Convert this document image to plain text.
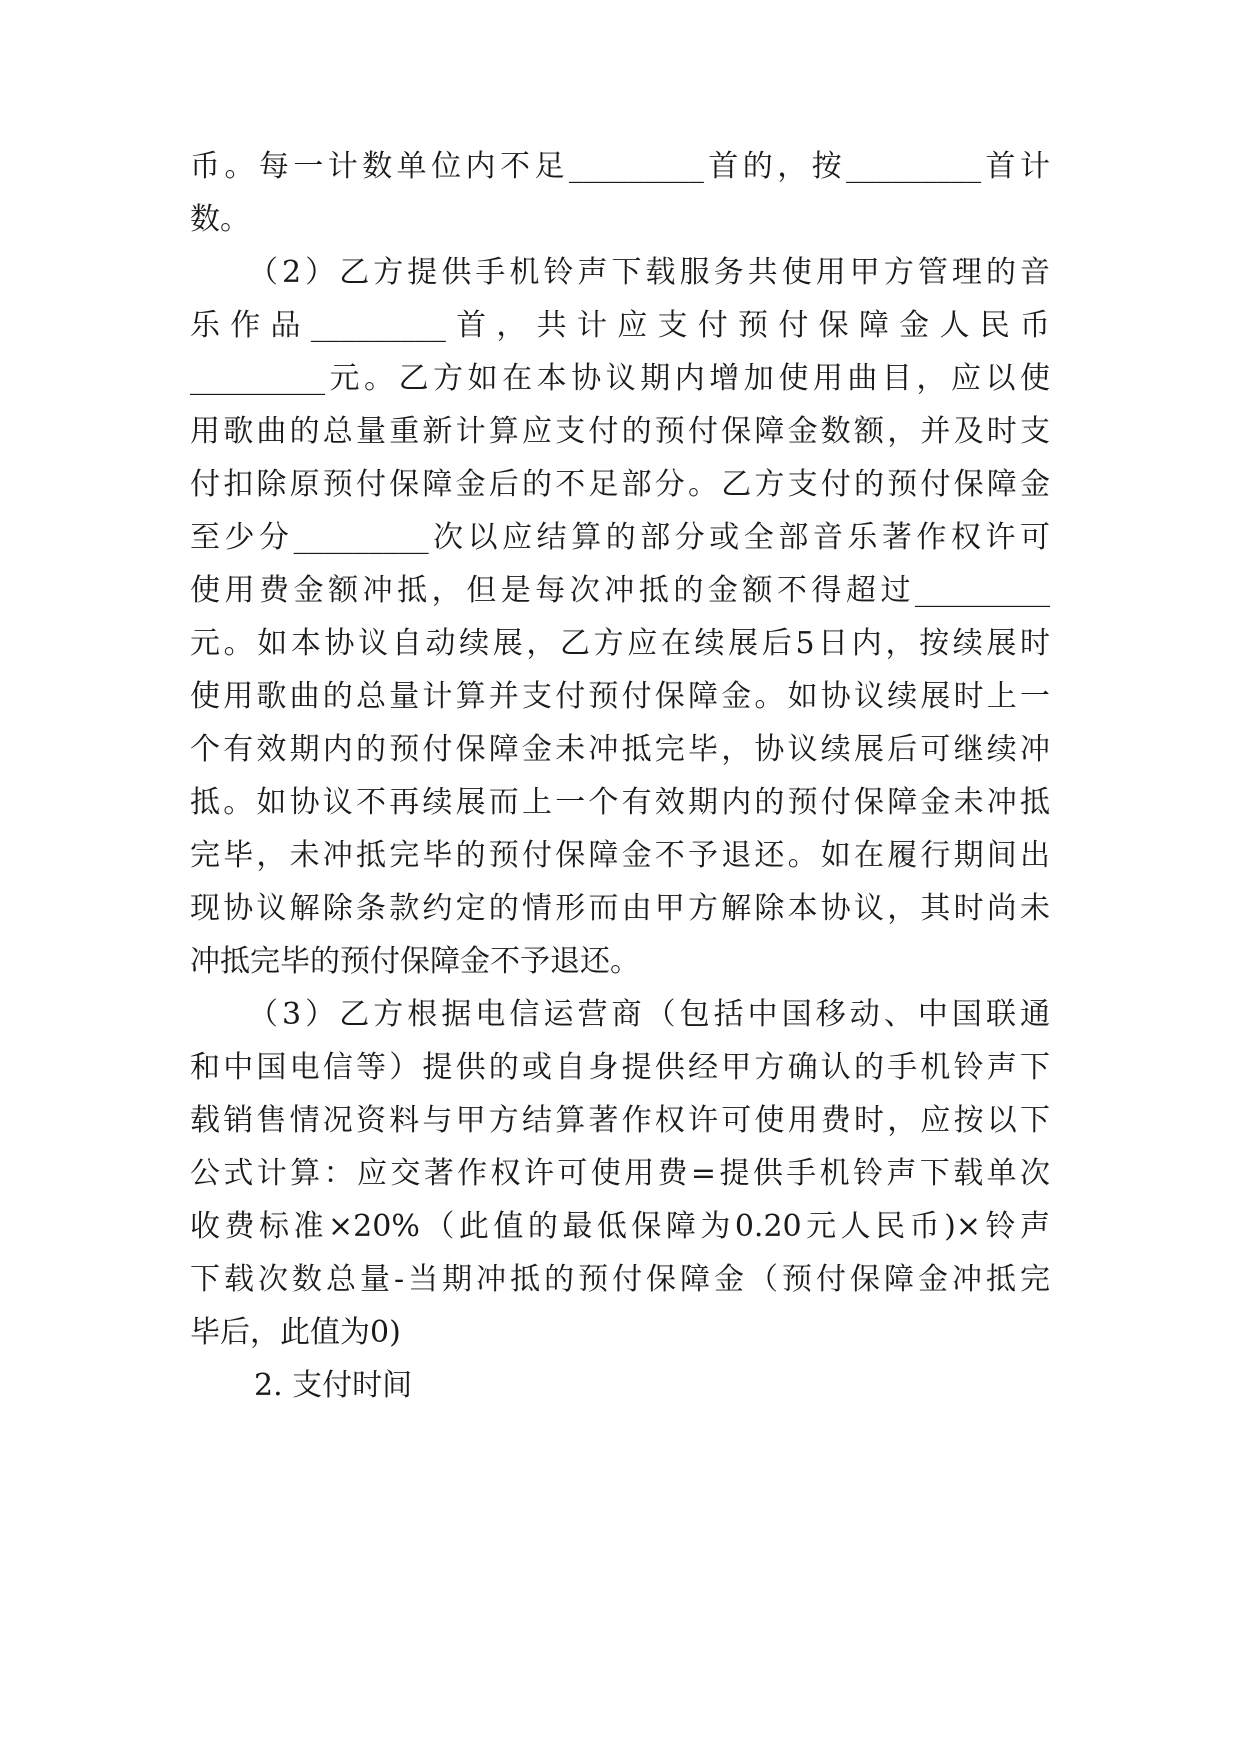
币。每一计数单位内不足_________首的，按_________首计
数。
（2）乙方提供手机铃声下载服务共使用甲方管理的音
乐作品_________首，共计应支付预付保障金人民币
_________元。乙方如在本协议期内增加使用曲目，应以使
用歌曲的总量重新计算应支付的预付保障金数额，并及时支
付扣除原预付保障金后的不足部分。乙方支付的预付保障金
至少分_________次以应结算的部分或全部音乐著作权许可
使用费金额冲抵，但是每次冲抵的金额不得超过_________
元。如本协议自动续展，乙方应在续展后5日内，按续展时
使用歌曲的总量计算并支付预付保障金。如协议续展时上一
个有效期内的预付保障金未冲抵完毕，协议续展后可继续冲
抵。如协议不再续展而上一个有效期内的预付保障金未冲抵
完毕，未冲抵完毕的预付保障金不予退还。如在履行期间出
现协议解除条款约定的情形而由甲方解除本协议，其时尚未
冲抵完毕的预付保障金不予退还。
（3）乙方根据电信运营商（包括中国移动、中国联通
和中国电信等）提供的或自身提供经甲方确认的手机铃声下
载销售情况资料与甲方结算著作权许可使用费时，应按以下
公式计算：应交著作权许可使用费=提供手机铃声下载单次
收费标准×20%（此值的最低保障为0.20元人民币)×铃声
下载次数总量-当期冲抵的预付保障金（预付保障金冲抵完
毕后，此值为0)
2. 支付时间
